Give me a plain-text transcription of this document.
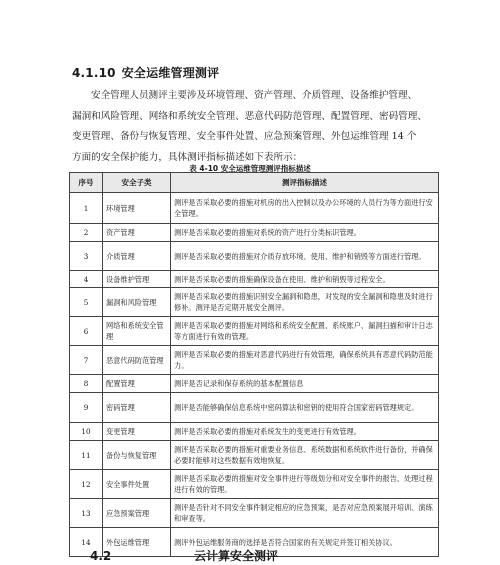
4.1.10 安全运维管理测评
安全管理人员测评主要涉及环境管理、资产管理、介质管理、设备维护管理、
漏洞和风险管理、网络和系统安全管理、恶意代码防范管理、配置管理、密码管理、
变更管理、备份与恢复管理、安全事件处置、应急预案管理、外包运维管理 14 个
方面的安全保护能力，具体测评指标描述如下表所示：
表 4-10 安全运维管理测评指标描述
序号	安全子类	测评指标描述
1	环境管理	测评是否采取必要的措施对机房的出入控制以及办公环境的人员行为等方面进行安全管理。
2	资产管理	测评是否采取必要的措施对系统的资产进行分类标识管理。
3	介质管理	测评是否采取必要的措施对介质存放环境、使用、维护和销毁等方面进行管理。
4	设备维护管理	测评是否采取必要的措施确保设备在使用、维护和销毁等过程安全。
5	漏洞和风险管理	测评是否采取必要的措施识别安全漏洞和隐患，对发现的安全漏洞和隐患及时进行修补。测评是否定期开展安全测评。
6	网络和系统安全管理	测评是否采取必要的措施对网络和系统安全配置、系统账户、漏洞扫描和审计日志等方面进行有效的管理。
7	恶意代码防范管理	测评是否采取必要的措施对恶意代码进行有效管理，确保系统具有恶意代码防范能力。
8	配置管理	测评是否记录和保存系统的基本配置信息
9	密码管理	测评是否能够确保信息系统中密码算法和密钥的使用符合国家密码管理规定。
10	变更管理	测评是否采取必要的措施对系统发生的变更进行有效管理。
11	备份与恢复管理	测评是否采取必要的措施对重要业务信息、系统数据和系统软件进行备份，并确保必要时能够对这些数据有效地恢复。
12	安全事件处置	测评是否采取必要的措施对安全事件进行等级划分和对安全事件的报告、处理过程进行有效的管理。
13	应急预案管理	测评是否针对不同安全事件制定相应的应急预案，是否对应急预案展开培训、演练和审查等。
14	外包运维管理	测评外包运维服务商的选择是否符合国家的有关规定并签订相关协议。
4.2	云计算安全测评
